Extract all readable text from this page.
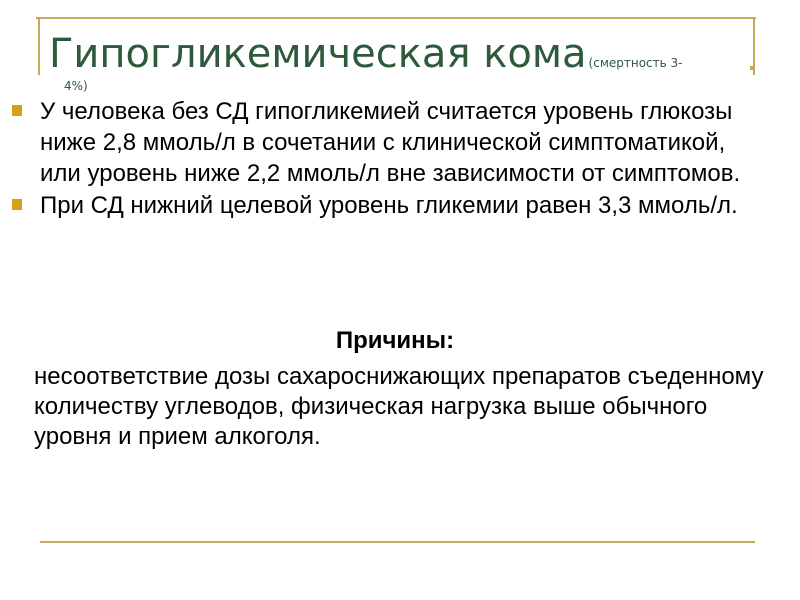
Гипогликемическая кома (смертность 3-
4%)
У человека без СД гипогликемией считается уровень глюкозы ниже 2,8 ммоль/л в сочетании с клинической симптоматикой, или уровень ниже 2,2 ммоль/л вне зависимости от симптомов.
При СД нижний целевой уровень гликемии равен 3,3 ммоль/л.
Причины:
несоответствие дозы сахароснижающих препаратов съеденному количеству углеводов, физическая нагрузка выше обычного уровня и прием алкоголя.
